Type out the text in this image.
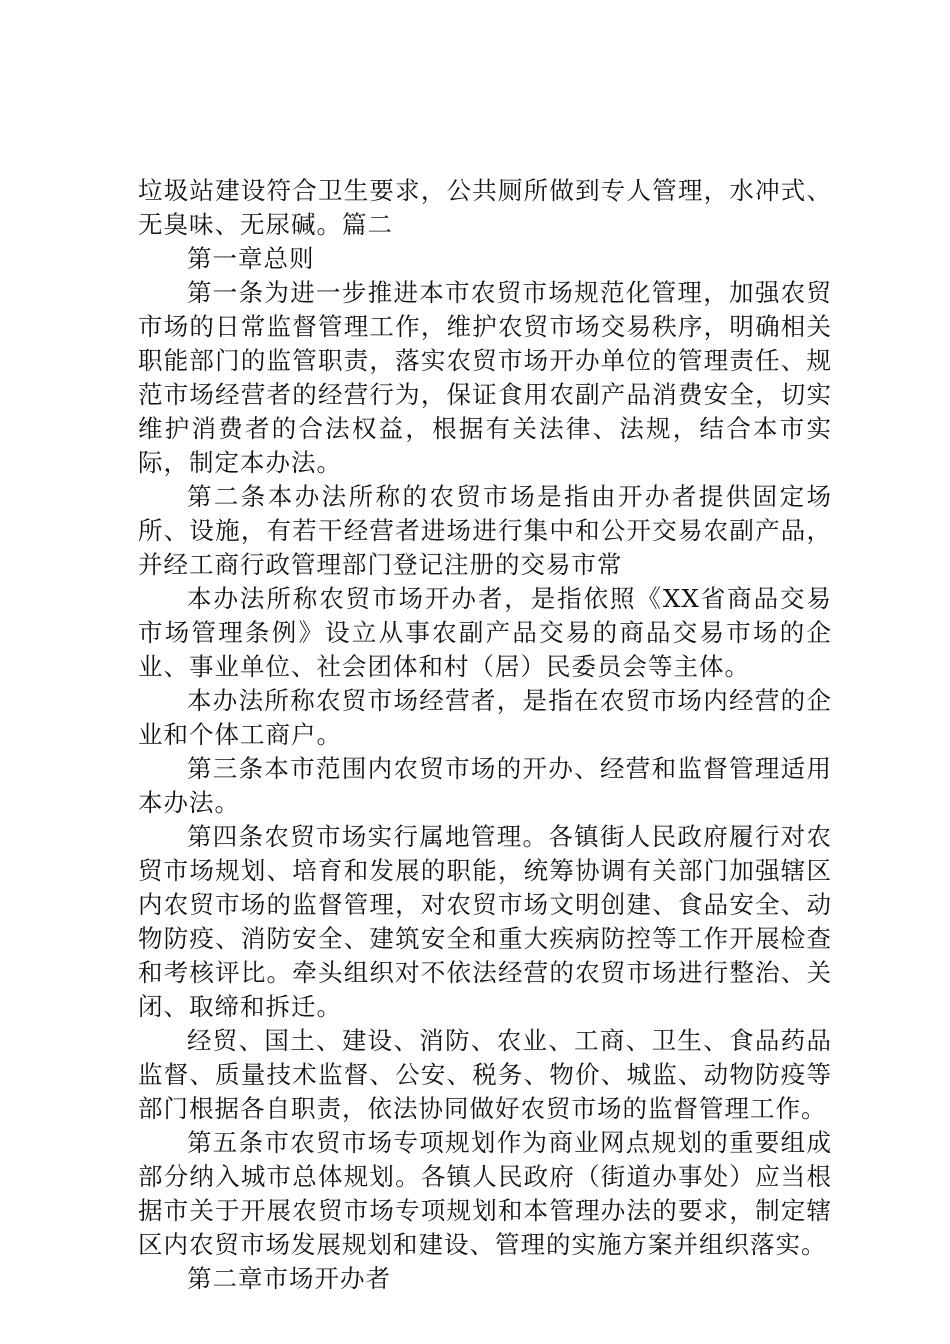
垃圾站建设符合卫生要求，公共厕所做到专人管理，水冲式、无臭味、无尿碱。篇二

第一章总则

第一条为进一步推进本市农贸市场规范化管理，加强农贸市场的日常监督管理工作，维护农贸市场交易秩序，明确相关职能部门的监管职责，落实农贸市场开办单位的管理责任、规范市场经营者的经营行为，保证食用农副产品消费安全，切实维护消费者的合法权益，根据有关法律、法规，结合本市实际，制定本办法。

第二条本办法所称的农贸市场是指由开办者提供固定场所、设施，有若干经营者进场进行集中和公开交易农副产品，并经工商行政管理部门登记注册的交易市常

本办法所称农贸市场开办者，是指依照《XX省商品交易市场管理条例》设立从事农副产品交易的商品交易市场的企业、事业单位、社会团体和村（居）民委员会等主体。

本办法所称农贸市场经营者，是指在农贸市场内经营的企业和个体工商户。

第三条本市范围内农贸市场的开办、经营和监督管理适用本办法。

第四条农贸市场实行属地管理。各镇街人民政府履行对农贸市场规划、培育和发展的职能，统筹协调有关部门加强辖区内农贸市场的监督管理，对农贸市场文明创建、食品安全、动物防疫、消防安全、建筑安全和重大疾病防控等工作开展检查和考核评比。牵头组织对不依法经营的农贸市场进行整治、关闭、取缔和拆迁。

经贸、国土、建设、消防、农业、工商、卫生、食品药品监督、质量技术监督、公安、税务、物价、城监、动物防疫等部门根据各自职责，依法协同做好农贸市场的监督管理工作。

第五条市农贸市场专项规划作为商业网点规划的重要组成部分纳入城市总体规划。各镇人民政府（街道办事处）应当根据市关于开展农贸市场专项规划和本管理办法的要求，制定辖区内农贸市场发展规划和建设、管理的实施方案并组织落实。

第二章市场开办者
